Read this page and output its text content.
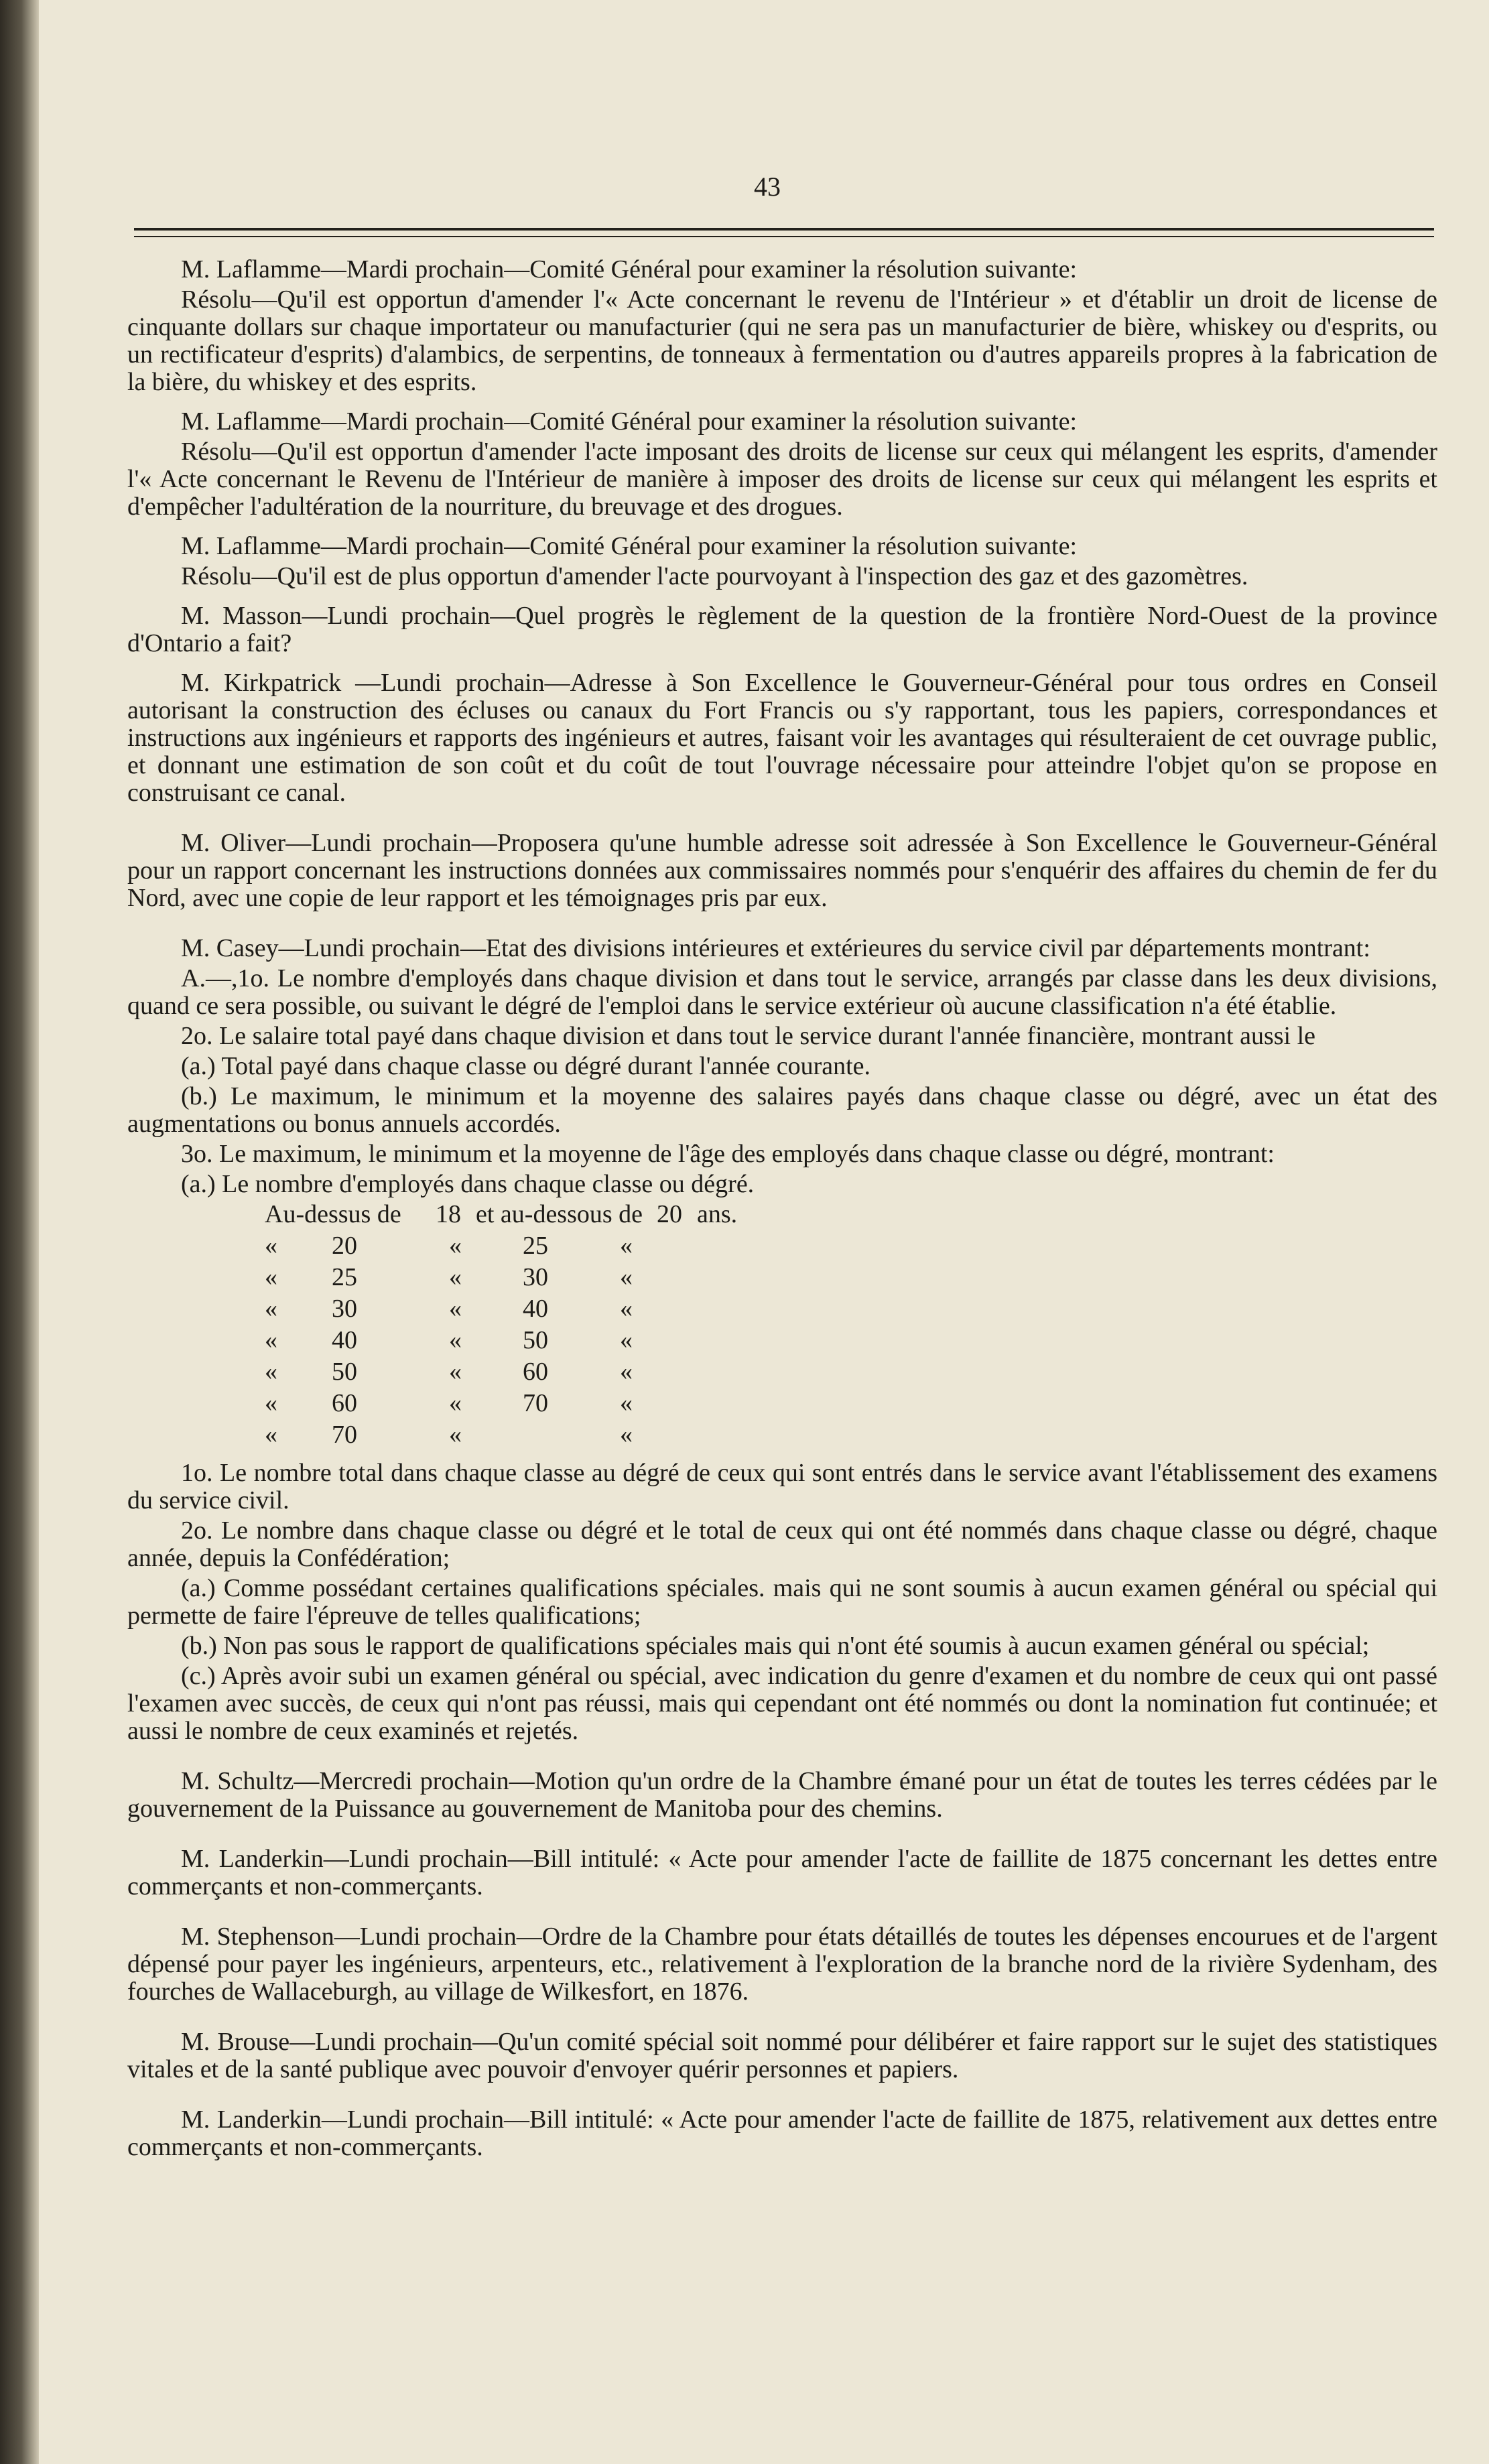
43

M. Laflamme—Mardi prochain—Comité Général pour examiner la résolution suivante:

Résolu—Qu'il est opportun d'amender l'« Acte concernant le revenu de l'Intérieur » et d'établir un droit de license de cinquante dollars sur chaque importateur ou manufacturier (qui ne sera pas un manufacturier de bière, whiskey ou d'esprits, ou un rectificateur d'esprits) d'alambics, de serpentins, de tonneaux à fermentation ou d'autres appareils propres à la fabrication de la bière, du whiskey et des esprits.

M. Laflamme—Mardi prochain—Comité Général pour examiner la résolution suivante:

Résolu—Qu'il est opportun d'amender l'acte imposant des droits de license sur ceux qui mélangent les esprits, d'amender l'« Acte concernant le Revenu de l'Intérieur de manière à imposer des droits de license sur ceux qui mélangent les esprits et d'empêcher l'adultération de la nourriture, du breuvage et des drogues.

M. Laflamme—Mardi prochain—Comité Général pour examiner la résolution suivante:

Résolu—Qu'il est de plus opportun d'amender l'acte pourvoyant à l'inspection des gaz et des gazomètres.

M. Masson—Lundi prochain—Quel progrès le règlement de la question de la frontière Nord-Ouest de la province d'Ontario a fait?

M. Kirkpatrick —Lundi prochain—Adresse à Son Excellence le Gouverneur-Général pour tous ordres en Conseil autorisant la construction des écluses ou canaux du Fort Francis ou s'y rapportant, tous les papiers, correspondances et instructions aux ingénieurs et rapports des ingénieurs et autres, faisant voir les avantages qui résulteraient de cet ouvrage public, et donnant une estimation de son coût et du coût de tout l'ouvrage nécessaire pour atteindre l'objet qu'on se propose en construisant ce canal.

M. Oliver—Lundi prochain—Proposera qu'une humble adresse soit adressée à Son Excellence le Gouverneur-Général pour un rapport concernant les instructions données aux commissaires nommés pour s'enquérir des affaires du chemin de fer du Nord, avec une copie de leur rapport et les témoignages pris par eux.

M. Casey—Lundi prochain—Etat des divisions intérieures et extérieures du service civil par départements montrant:

A.—,1o. Le nombre d'employés dans chaque division et dans tout le service, arrangés par classe dans les deux divisions, quand ce sera possible, ou suivant le dégré de l'emploi dans le service extérieur où aucune classification n'a été établie.

2o. Le salaire total payé dans chaque division et dans tout le service durant l'année financière, montrant aussi le

(a.) Total payé dans chaque classe ou dégré durant l'année courante.

(b.) Le maximum, le minimum et la moyenne des salaires payés dans chaque classe ou dégré, avec un état des augmentations ou bonus annuels accordés.

3o. Le maximum, le minimum et la moyenne de l'âge des employés dans chaque classe ou dégré, montrant:

(a.) Le nombre d'employés dans chaque classe ou dégré.

Au-dessus de 18 et au-dessous de 20 ans.
« 20	« 25	«
« 25	« 30	«
« 30	« 40	«
« 40	« 50	«
« 50	« 60	«
« 60	« 70	«
« 70	«	«

1o. Le nombre total dans chaque classe au dégré de ceux qui sont entrés dans le service avant l'établissement des examens du service civil.

2o. Le nombre dans chaque classe ou dégré et le total de ceux qui ont été nommés dans chaque classe ou dégré, chaque année, depuis la Confédération;

(a.) Comme possédant certaines qualifications spéciales. mais qui ne sont soumis à aucun examen général ou spécial qui permette de faire l'épreuve de telles qualifications;

(b.) Non pas sous le rapport de qualifications spéciales mais qui n'ont été soumis à aucun examen général ou spécial;

(c.) Après avoir subi un examen général ou spécial, avec indication du genre d'examen et du nombre de ceux qui ont passé l'examen avec succès, de ceux qui n'ont pas réussi, mais qui cependant ont été nommés ou dont la nomination fut continuée; et aussi le nombre de ceux examinés et rejetés.

M. Schultz—Mercredi prochain—Motion qu'un ordre de la Chambre émané pour un état de toutes les terres cédées par le gouvernement de la Puissance au gouvernement de Manitoba pour des chemins.

M. Landerkin—Lundi prochain—Bill intitulé: « Acte pour amender l'acte de faillite de 1875 concernant les dettes entre commerçants et non-commerçants.

M. Stephenson—Lundi prochain—Ordre de la Chambre pour états détaillés de toutes les dépenses encourues et de l'argent dépensé pour payer les ingénieurs, arpenteurs, etc., relativement à l'exploration de la branche nord de la rivière Sydenham, des fourches de Wallaceburgh, au village de Wilkesfort, en 1876.

M. Brouse—Lundi prochain—Qu'un comité spécial soit nommé pour délibérer et faire rapport sur le sujet des statistiques vitales et de la santé publique avec pouvoir d'envoyer quérir personnes et papiers.

M. Landerkin—Lundi prochain—Bill intitulé: « Acte pour amender l'acte de faillite de 1875, relativement aux dettes entre commerçants et non-commerçants.
